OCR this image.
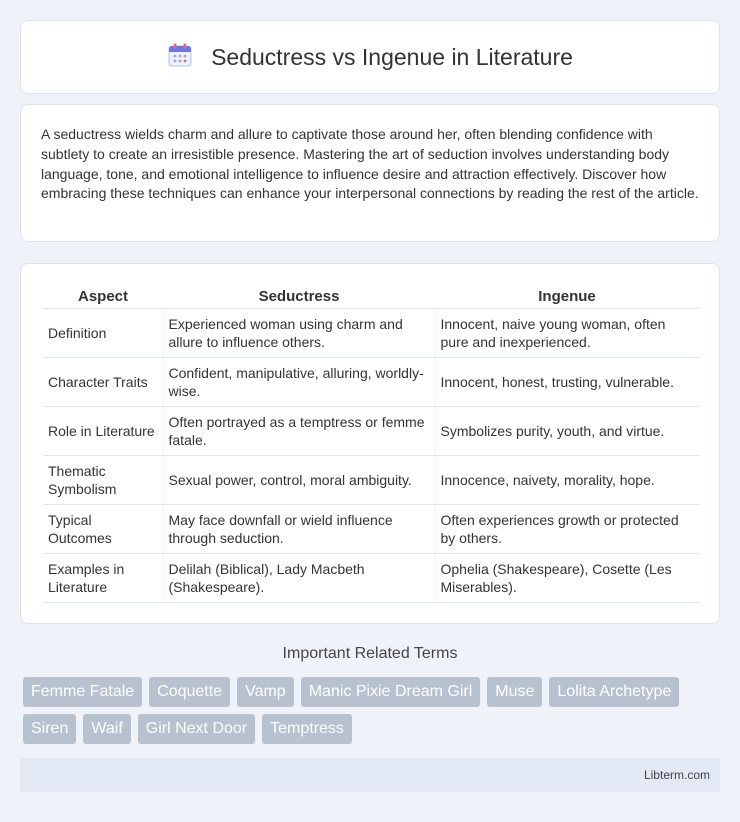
Seductress vs Ingenue in Literature

A seductress wields charm and allure to captivate those around her, often blending confidence with subtlety to create an irresistible presence. Mastering the art of seduction involves understanding body language, tone, and emotional intelligence to influence desire and attraction effectively. Discover how embracing these techniques can enhance your interpersonal connections by reading the rest of the article.

Aspect	Seductress	Ingenue
Definition	Experienced woman using charm and allure to influence others.	Innocent, naive young woman, often pure and inexperienced.
Character Traits	Confident, manipulative, alluring, worldly-wise.	Innocent, honest, trusting, vulnerable.
Role in Literature	Often portrayed as a temptress or femme fatale.	Symbolizes purity, youth, and virtue.
Thematic Symbolism	Sexual power, control, moral ambiguity.	Innocence, naivety, morality, hope.
Typical Outcomes	May face downfall or wield influence through seduction.	Often experiences growth or protected by others.
Examples in Literature	Delilah (Biblical), Lady Macbeth (Shakespeare).	Ophelia (Shakespeare), Cosette (Les Miserables).
Important Related Terms
Femme Fatale	Coquette	Vamp	Manic Pixie Dream Girl	Muse	Lolita Archetype
Siren	Waif	Girl Next Door	Temptress
Libterm.com
